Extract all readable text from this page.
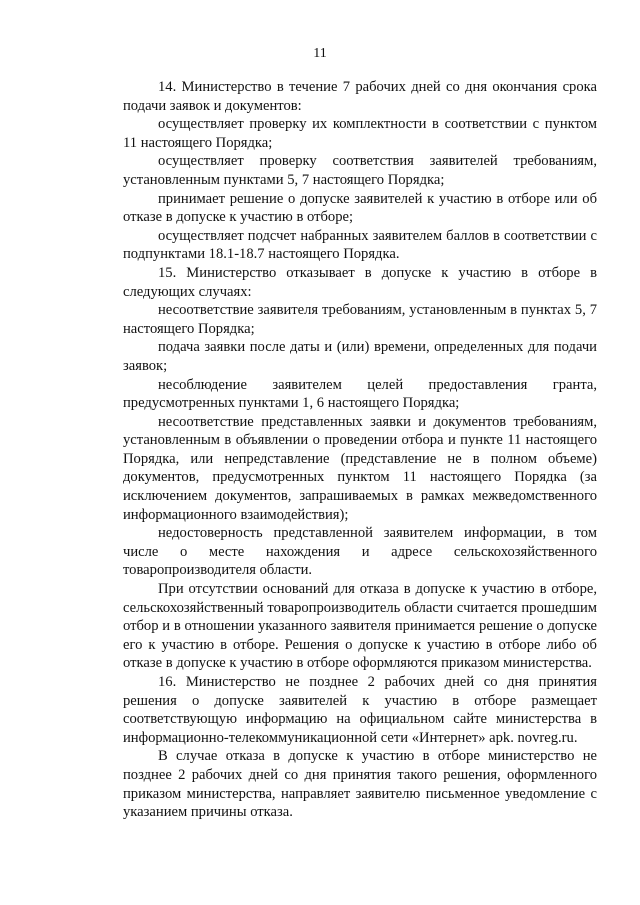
11

14. Министерство в течение 7 рабочих дней со дня окончания срока подачи заявок и документов:

осуществляет проверку их комплектности в соответствии с пунктом 11 настоящего Порядка;

осуществляет проверку соответствия заявителей требованиям, установленным пунктами 5, 7 настоящего Порядка;

принимает решение о допуске заявителей к участию в отборе или об отказе в допуске к участию в отборе;

осуществляет подсчет набранных заявителем баллов в соответствии с подпунктами 18.1-18.7 настоящего Порядка.

15. Министерство отказывает в допуске к участию в отборе в следующих случаях:

несоответствие заявителя требованиям, установленным в пунктах 5, 7 настоящего Порядка;

подача заявки после даты и (или) времени, определенных для подачи заявок;

несоблюдение заявителем целей предоставления гранта, предусмотренных пунктами 1, 6 настоящего Порядка;

несоответствие представленных заявки и документов требованиям, установленным в объявлении о проведении отбора и пункте 11 настоящего Порядка, или непредставление (представление не в полном объеме) документов, предусмотренных пунктом 11 настоящего Порядка (за исключением документов, запрашиваемых в рамках межведомственного информационного взаимодействия);

недостоверность представленной заявителем информации, в том числе о месте нахождения и адресе сельскохозяйственного товаропроизводителя области.

При отсутствии оснований для отказа в допуске к участию в отборе, сельскохозяйственный товаропроизводитель области считается прошедшим отбор и в отношении указанного заявителя принимается решение о допуске его к участию в отборе. Решения о допуске к участию в отборе либо об отказе в допуске к участию в отборе оформляются приказом министерства.

16. Министерство не позднее 2 рабочих дней со дня принятия решения о допуске заявителей к участию в отборе размещает соответствующую информацию на официальном сайте министерства в информационно-телекоммуникационной сети «Интернет» apk. novreg.ru.

В случае отказа в допуске к участию в отборе министерство не позднее 2 рабочих дней со дня принятия такого решения, оформленного приказом министерства, направляет заявителю письменное уведомление с указанием причины отказа.
